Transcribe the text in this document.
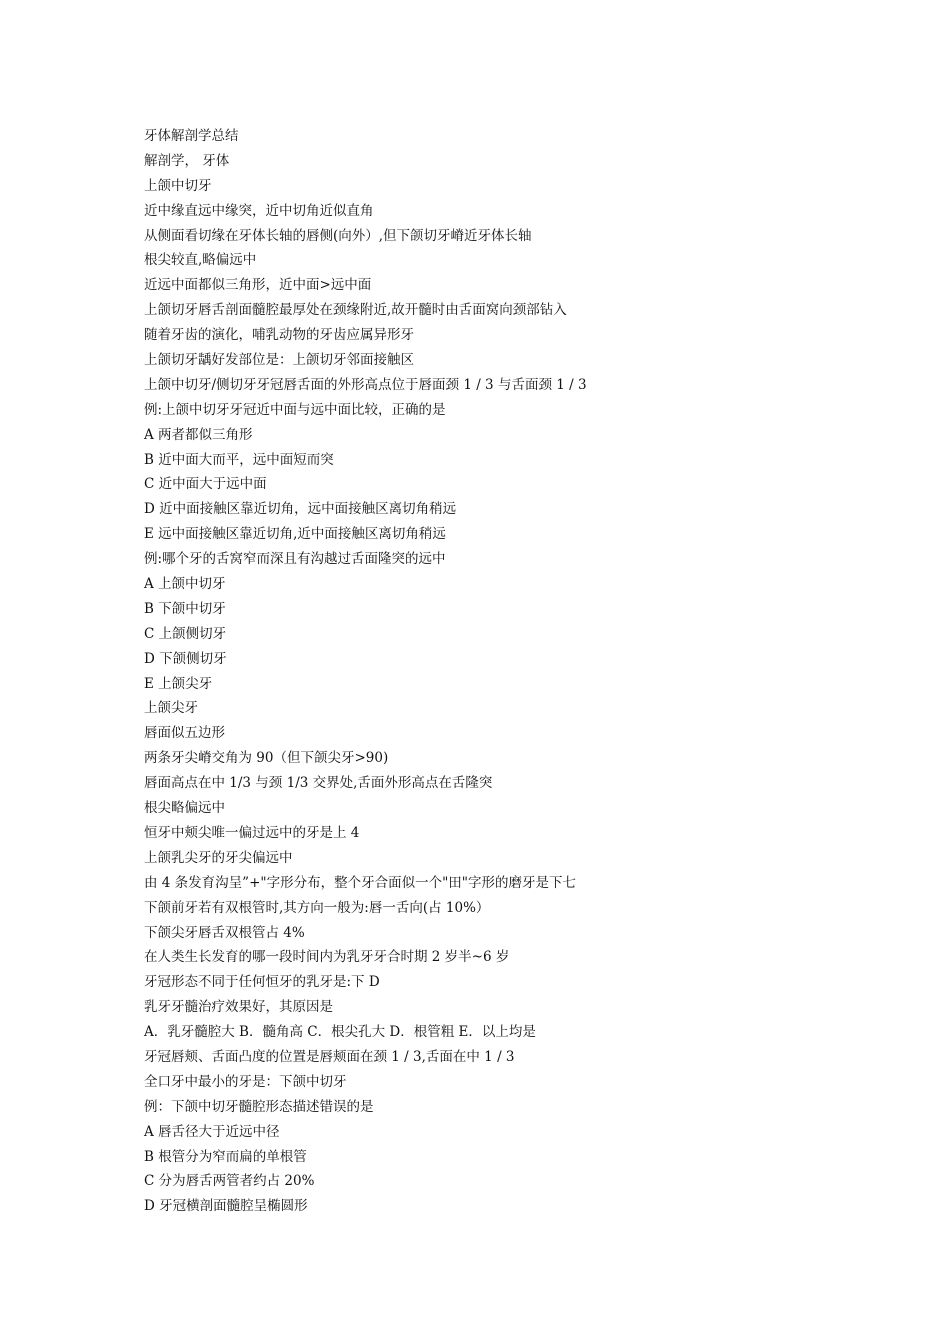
牙体解剖学总结
解剖学， 牙体
上颌中切牙
近中缘直远中缘突，近中切角近似直角
从侧面看切缘在牙体长轴的唇侧(向外）,但下颌切牙嵴近牙体长轴
根尖较直,略偏远中
近远中面都似三角形，近中面>远中面
上颌切牙唇舌剖面髓腔最厚处在颈缘附近,故开髓时由舌面窝向颈部钻入
随着牙齿的演化，哺乳动物的牙齿应属异形牙
上颌切牙龋好发部位是：上颌切牙邻面接触区
上颌中切牙/侧切牙牙冠唇舌面的外形高点位于唇面颈 1 / 3 与舌面颈 1 / 3
例:上颌中切牙牙冠近中面与远中面比较，正确的是
A 两者都似三角形
B 近中面大而平，远中面短而突
C 近中面大于远中面
D 近中面接触区靠近切角，远中面接触区离切角稍远
E 远中面接触区靠近切角,近中面接触区离切角稍远
例:哪个牙的舌窝窄而深且有沟越过舌面隆突的远中
A 上颌中切牙
B 下颌中切牙
C 上颌侧切牙
D 下颌侧切牙
E 上颌尖牙
上颌尖牙
唇面似五边形
两条牙尖嵴交角为 90（但下颌尖牙>90)
唇面高点在中 1/3 与颈 1/3 交界处,舌面外形高点在舌隆突
根尖略偏远中
恒牙中颊尖唯一偏过远中的牙是上 4
上颌乳尖牙的牙尖偏远中
由 4 条发育沟呈”+"字形分布，整个牙合面似一个"田"字形的磨牙是下七
下颌前牙若有双根管时,其方向一般为:唇一舌向(占 10%）
下颌尖牙唇舌双根管占 4%
在人类生长发育的哪一段时间内为乳牙牙合时期 2 岁半~6 岁
牙冠形态不同于任何恒牙的乳牙是:下 D
乳牙牙髓治疗效果好，其原因是
A．乳牙髓腔大 B．髓角高 C．根尖孔大 D．根管粗 E．以上均是
牙冠唇颊、舌面凸度的位置是唇颊面在颈 1 / 3,舌面在中 1 / 3
全口牙中最小的牙是：下颌中切牙
例：下颌中切牙髓腔形态描述错误的是
A 唇舌径大于近远中径
B 根管分为窄而扁的单根管
C 分为唇舌两管者约占 20%
D 牙冠横剖面髓腔呈椭圆形
